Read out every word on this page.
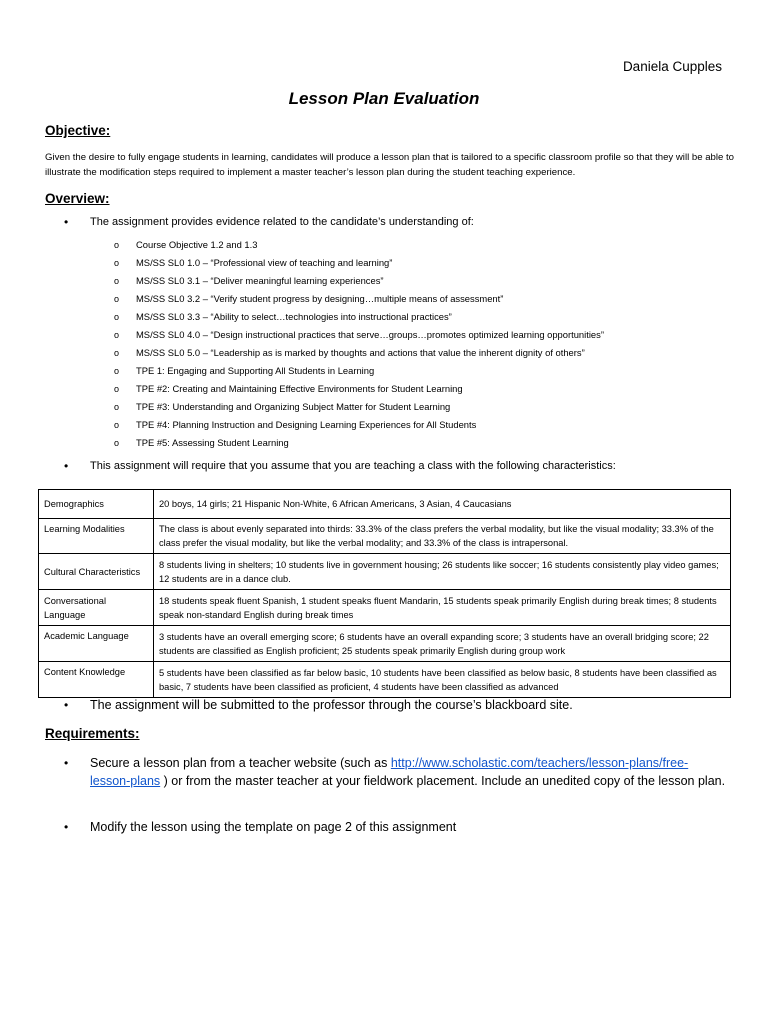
Daniela Cupples
Lesson Plan Evaluation
Objective:
Given the desire to fully engage students in learning, candidates will produce a lesson plan that is tailored to a specific classroom profile so that they will be able to illustrate the modification steps required to implement a master teacher’s lesson plan during the student teaching experience.
Overview:
• The assignment provides evidence related to the candidate’s understanding of:
o Course Objective 1.2 and 1.3
o MS/SS SL0 1.0 – “Professional view of teaching and learning”
o MS/SS SL0 3.1 – “Deliver meaningful learning experiences”
o MS/SS SL0 3.2 – “Verify student progress by designing…multiple means of assessment”
o MS/SS SL0 3.3 – “Ability to select…technologies into instructional practices”
o MS/SS SL0 4.0 – “Design instructional practices that serve…groups…promotes optimized learning opportunities”
o MS/SS SL0 5.0 – “Leadership as is marked by thoughts and actions that value the inherent dignity of others”
o TPE 1: Engaging and Supporting All Students in Learning
o TPE #2: Creating and Maintaining Effective Environments for Student Learning
o TPE #3: Understanding and Organizing Subject Matter for Student Learning
o TPE #4: Planning Instruction and Designing Learning Experiences for All Students
o TPE #5: Assessing Student Learning
• This assignment will require that you assume that you are teaching a class with the following characteristics:
Demographics	20 boys, 14 girls; 21 Hispanic Non-White, 6 African Americans, 3 Asian, 4 Caucasians
Learning Modalities	The class is about evenly separated into thirds: 33.3% of the class prefers the verbal modality, but like the visual modality; 33.3% of the class prefer the visual modality, but like the verbal modality; and 33.3% of the class is intrapersonal.
Cultural Characteristics	8 students living in shelters; 10 students live in government housing; 26 students like soccer; 16 students consistently play video games; 12 students are in a dance club.
Conversational Language	18 students speak fluent Spanish, 1 student speaks fluent Mandarin, 15 students speak primarily English during break times; 8 students speak non-standard English during break times
Academic Language	3 students have an overall emerging score; 6 students have an overall expanding score; 3 students have an overall bridging score; 22 students are classified as English proficient; 25 students speak primarily English during group work
Content Knowledge	5 students have been classified as far below basic, 10 students have been classified as below basic, 8 students have been classified as basic, 7 students have been classified as proficient, 4 students have been classified as advanced
• The assignment will be submitted to the professor through the course’s blackboard site.
Requirements:
• Secure a lesson plan from a teacher website (such as http://www.scholastic.com/teachers/lesson-plans/free-lesson-plans ) or from the master teacher at your fieldwork placement. Include an unedited copy of the lesson plan.
• Modify the lesson using the template on page 2 of this assignment
